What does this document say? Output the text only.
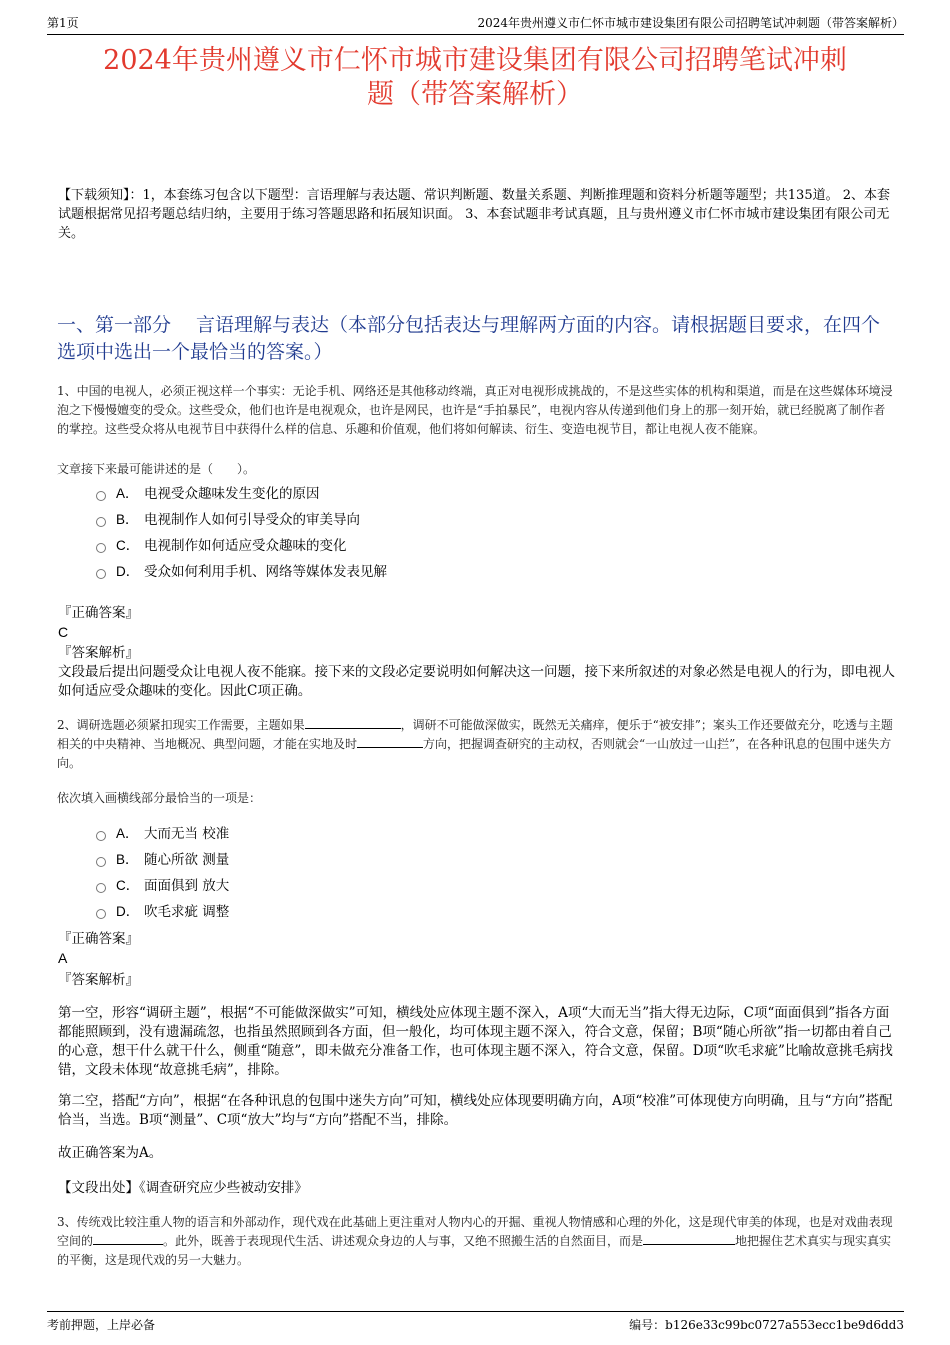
第1页	2024年贵州遵义市仁怀市城市建设集团有限公司招聘笔试冲刺题（带答案解析）
2024年贵州遵义市仁怀市城市建设集团有限公司招聘笔试冲刺
题（带答案解析）
【下载须知】：1，本套练习包含以下题型：言语理解与表达题、常识判断题、数量关系题、判断推理题和资料分析题等题型；共135道。 2、本套试题根据常见招考题总结归纳，主要用于练习答题思路和拓展知识面。 3、本套试题非考试真题，且与贵州遵义市仁怀市城市建设集团有限公司无关。
一、第一部分　 言语理解与表达（本部分包括表达与理解两方面的内容。请根据题目要求，在四个选项中选出一个最恰当的答案。）
1、中国的电视人，必须正视这样一个事实：无论手机、网络还是其他移动终端，真正对电视形成挑战的，不是这些实体的机构和渠道，而是在这些媒体环境浸泡之下慢慢嬗变的受众。这些受众，他们也许是电视观众，也许是网民，也许是“手拍暴民”，电视内容从传递到他们身上的那一刻开始，就已经脱离了制作者的掌控。这些受众将从电视节目中获得什么样的信息、乐趣和价值观，他们将如何解读、衍生、变造电视节目，都让电视人夜不能寐。
文章接下来最可能讲述的是（　　）。
A． 电视受众趣味发生变化的原因
B． 电视制作人如何引导受众的审美导向
C． 电视制作如何适应受众趣味的变化
D． 受众如何利用手机、网络等媒体发表见解
『正确答案』
C
『答案解析』
文段最后提出问题受众让电视人夜不能寐。接下来的文段必定要说明如何解决这一问题，接下来所叙述的对象必然是电视人的行为，即电视人如何适应受众趣味的变化。因此C项正确。
2、调研选题必须紧扣现实工作需要，主题如果	，调研不可能做深做实，既然无关痛痒，便乐于“被安排”；案头工作还要做充分，吃透与主题相关的中央精神、当地概况、典型问题，才能在实地及时	方向，把握调查研究的主动权，否则就会“一山放过一山拦”，在各种讯息的包围中迷失方向。
依次填入画横线部分最恰当的一项是：
A． 大而无当 校准
B． 随心所欲 测量
C． 面面俱到 放大
D． 吹毛求疵 调整
『正确答案』
A
『答案解析』
第一空，形容“调研主题”，根据“不可能做深做实”可知，横线处应体现主题不深入，A项“大而无当”指大得无边际，C项“面面俱到”指各方面都能照顾到，没有遗漏疏忽，也指虽然照顾到各方面，但一般化，均可体现主题不深入，符合文意，保留；B项“随心所欲”指一切都由着自己的心意，想干什么就干什么，侧重“随意”，即未做充分准备工作，也可体现主题不深入，符合文意，保留。D项“吹毛求疵”比喻故意挑毛病找错，文段未体现“故意挑毛病”，排除。
第二空，搭配“方向”，根据“在各种讯息的包围中迷失方向”可知，横线处应体现要明确方向，A项“校准”可体现使方向明确，且与“方向”搭配恰当，当选。B项“测量”、C项“放大”均与“方向”搭配不当，排除。
故正确答案为A。
【文段出处】《调查研究应少些被动安排》
3、传统戏比较注重人物的语言和外部动作，现代戏在此基础上更注重对人物内心的开掘、重视人物情感和心理的外化，这是现代审美的体现，也是对戏曲表现空间的	。此外，既善于表现现代生活、讲述观众身边的人与事，又绝不照搬生活的自然面目，而是	地把握住艺术真实与现实真实的平衡，这是现代戏的另一大魅力。
考前押题，上岸必备	编号：b126e33c99bc0727a553ecc1be9d6dd3
